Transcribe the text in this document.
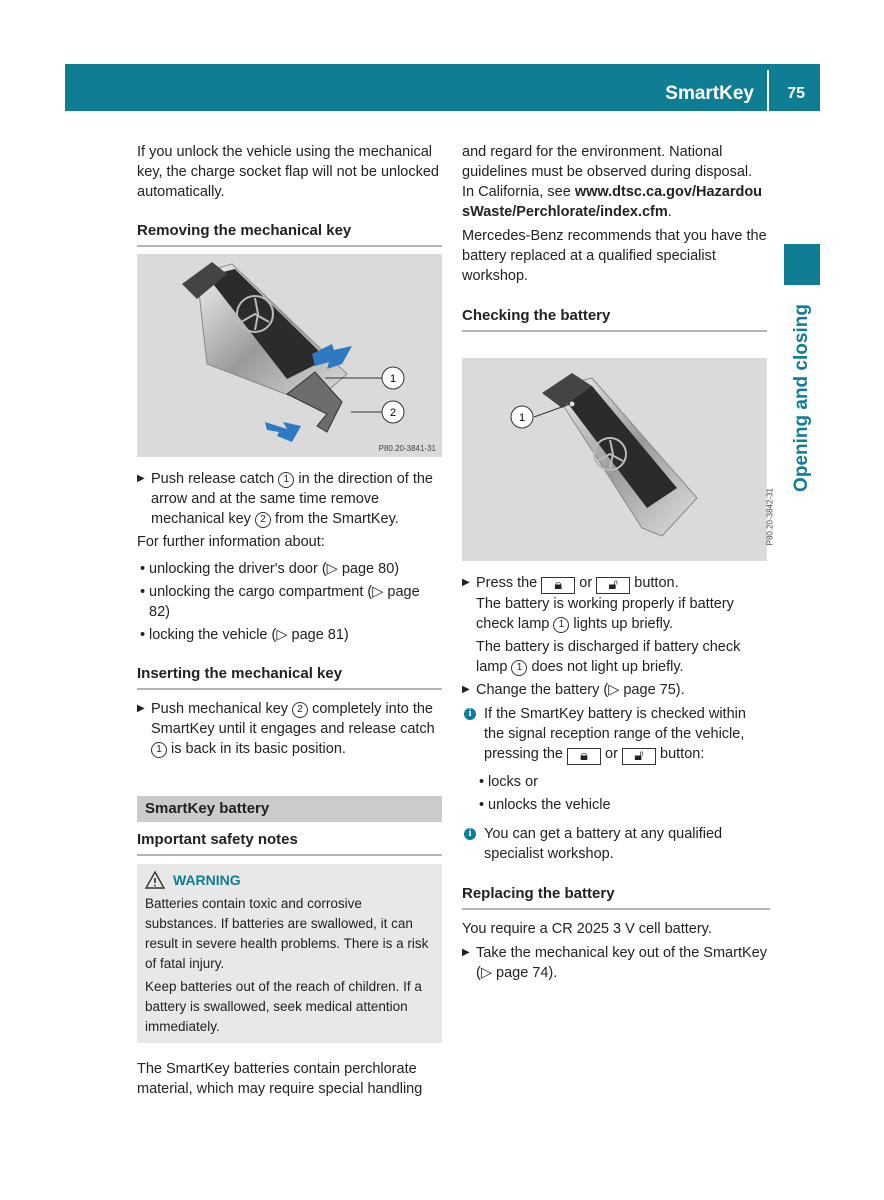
SmartKey 75
Opening and closing

If you unlock the vehicle using the mechanical key, the charge socket flap will not be unlocked automatically.

Removing the mechanical key
1
2
P80.20-3841-31
▶ Push release catch 1 in the direction of the arrow and at the same time remove mechanical key 2 from the SmartKey.

For further information about:

• unlocking the driver's door (▷ page 80)
• unlocking the cargo compartment (▷ page 82)
• locking the vehicle (▷ page 81)
Inserting the mechanical key
▶ Push mechanical key 2 completely into the SmartKey until it engages and release catch 1 is back in its basic position.
SmartKey battery
Important safety notes
WARNING

Batteries contain toxic and corrosive substances. If batteries are swallowed, it can result in severe health problems. There is a risk of fatal injury.

Keep batteries out of the reach of children. If a battery is swallowed, seek medical attention immediately.

The SmartKey batteries contain perchlorate material, which may require special handling

and regard for the environment. National guidelines must be observed during disposal. In California, see www.dtsc.ca.gov/HazardousWaste/Perchlorate/index.cfm.

Mercedes-Benz recommends that you have the battery replaced at a qualified specialist workshop.

Checking the battery
1
P80.20-3842-31
▶ Press the 🔒︎ or 🔓︎ button.
The battery is working properly if battery check lamp 1 lights up briefly.

The battery is discharged if battery check lamp 1 does not light up briefly.

▶ Change the battery (▷ page 75).
i If the SmartKey battery is checked within the signal reception range of the vehicle, pressing the 🔒︎ or 🔓︎ button:
• locks or
• unlocks the vehicle
i You can get a battery at any qualified specialist workshop.
Replacing the battery

You require a CR 2025 3 V cell battery.

▶ Take the mechanical key out of the SmartKey (▷ page 74).
